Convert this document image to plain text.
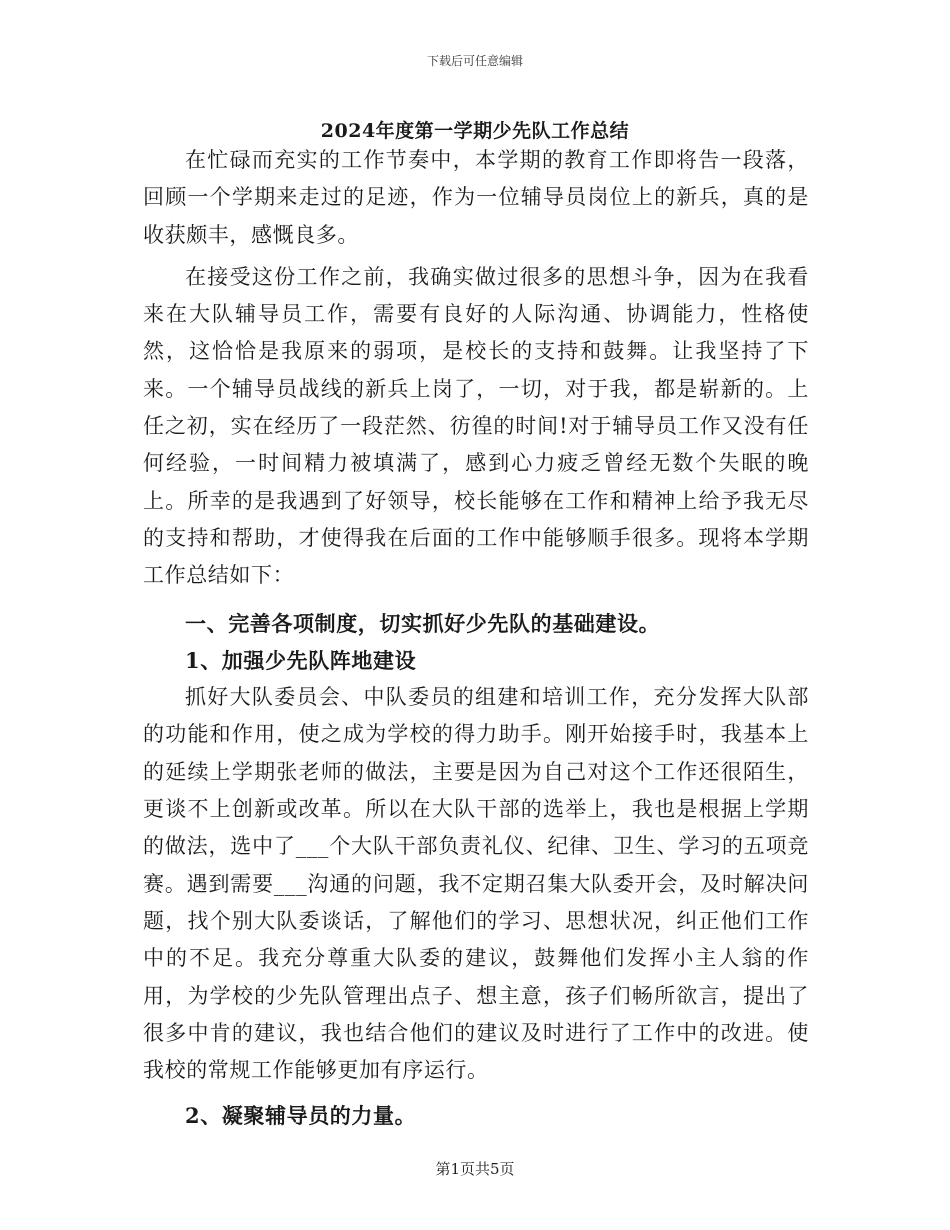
下载后可任意编辑
2024年度第一学期少先队工作总结

在忙碌而充实的工作节奏中，本学期的教育工作即将告一段落，回顾一个学期来走过的足迹，作为一位辅导员岗位上的新兵，真的是收获颇丰，感慨良多。

在接受这份工作之前，我确实做过很多的思想斗争，因为在我看来在大队辅导员工作，需要有良好的人际沟通、协调能力，性格使然，这恰恰是我原来的弱项，是校长的支持和鼓舞。让我坚持了下来。一个辅导员战线的新兵上岗了，一切，对于我，都是崭新的。上任之初，实在经历了一段茫然、彷徨的时间!对于辅导员工作又没有任何经验，一时间精力被填满了，感到心力疲乏曾经无数个失眠的晚上。所幸的是我遇到了好领导，校长能够在工作和精神上给予我无尽的支持和帮助，才使得我在后面的工作中能够顺手很多。现将本学期工作总结如下：

一、完善各项制度，切实抓好少先队的基础建设。

1、加强少先队阵地建设

抓好大队委员会、中队委员的组建和培训工作，充分发挥大队部的功能和作用，使之成为学校的得力助手。刚开始接手时，我基本上的延续上学期张老师的做法，主要是因为自己对这个工作还很陌生，更谈不上创新或改革。所以在大队干部的选举上，我也是根据上学期的做法，选中了___个大队干部负责礼仪、纪律、卫生、学习的五项竞赛。遇到需要___沟通的问题，我不定期召集大队委开会，及时解决问题，找个别大队委谈话，了解他们的学习、思想状况，纠正他们工作中的不足。我充分尊重大队委的建议，鼓舞他们发挥小主人翁的作用，为学校的少先队管理出点子、想主意，孩子们畅所欲言，提出了很多中肯的建议，我也结合他们的建议及时进行了工作中的改进。使我校的常规工作能够更加有序运行。

2、凝聚辅导员的力量。

第1页共5页
